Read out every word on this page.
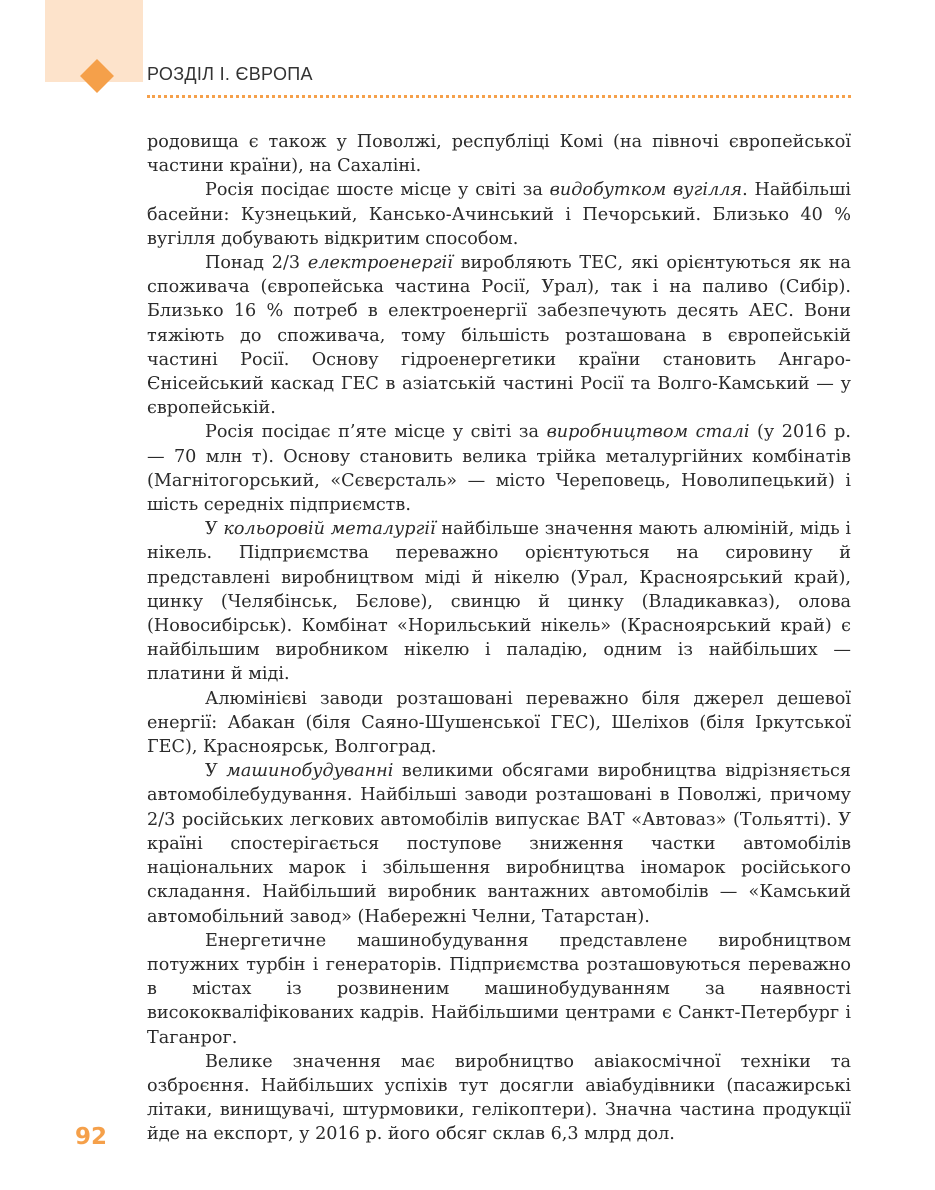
РОЗДІЛ І. ЄВРОПА

родовища є також у Поволжі, республіці Комі (на півночі європейської частини країни), на Сахаліні.

Росія посідає шосте місце у світі за видобутком вугілля. Найбільші басейни: Кузнецький, Кансько-Ачинський і Печорський. Близько 40 % вугілля добувають відкритим способом.

Понад 2/3 електроенергії виробляють ТЕС, які орієнтуються як на споживача (європейська частина Росії, Урал), так і на паливо (Сибір). Близько 16 % потреб в електроенергії забезпечують десять АЕС. Вони тяжіють до споживача, тому більшість розташована в європейській частині Росії. Основу гідроенергетики країни становить Ангаро-Єнісейський каскад ГЕС в азіатській частині Росії та Волго-Камський — у європейській.

Росія посідає п’яте місце у світі за виробництвом сталі (у 2016 р. — 70 млн т). Основу становить велика трійка металургійних комбінатів (Магнітогорський, «Сєвєрсталь» — місто Череповець, Новолипецький) і шість середніх підприємств.

У кольоровій металургії найбільше значення мають алюміній, мідь і нікель. Підприємства переважно орієнтуються на сировину й представлені виробництвом міді й нікелю (Урал, Красноярський край), цинку (Челябінськ, Бєлове), свинцю й цинку (Владикавказ), олова (Новосибірськ). Комбінат «Норильський нікель» (Красноярський край) є найбільшим виробником нікелю і паладію, одним із найбільших — платини й міді.

Алюмінієві заводи розташовані переважно біля джерел дешевої енергії: Абакан (біля Саяно-Шушенської ГЕС), Шеліхов (біля Іркутської ГЕС), Красноярськ, Волгоград.

У машинобудуванні великими обсягами виробництва відрізняється автомобілебудування. Найбільші заводи розташовані в Поволжі, причому 2/3 російських легкових автомобілів випускає ВАТ «Автоваз» (Тольятті). У країні спостерігається поступове зниження частки автомобілів національних марок і збільшення виробництва іномарок російського складання. Найбільший виробник вантажних автомобілів — «Камський автомобільний завод» (Набережні Челни, Татарстан).

Енергетичне машинобудування представлене виробництвом потужних турбін і генераторів. Підприємства розташовуються переважно в містах із розвиненим машинобудуванням за наявності висококваліфікованих кадрів. Найбільшими центрами є Санкт-Петербург і Таганрог.

Велике значення має виробництво авіакосмічної техніки та озброєння. Найбільших успіхів тут досягли авіабудівники (пасажирські літаки, винищувачі, штурмовики, гелікоптери). Значна частина продукції йде на експорт, у 2016 р. його обсяг склав 6,3 млрд дол.

92
